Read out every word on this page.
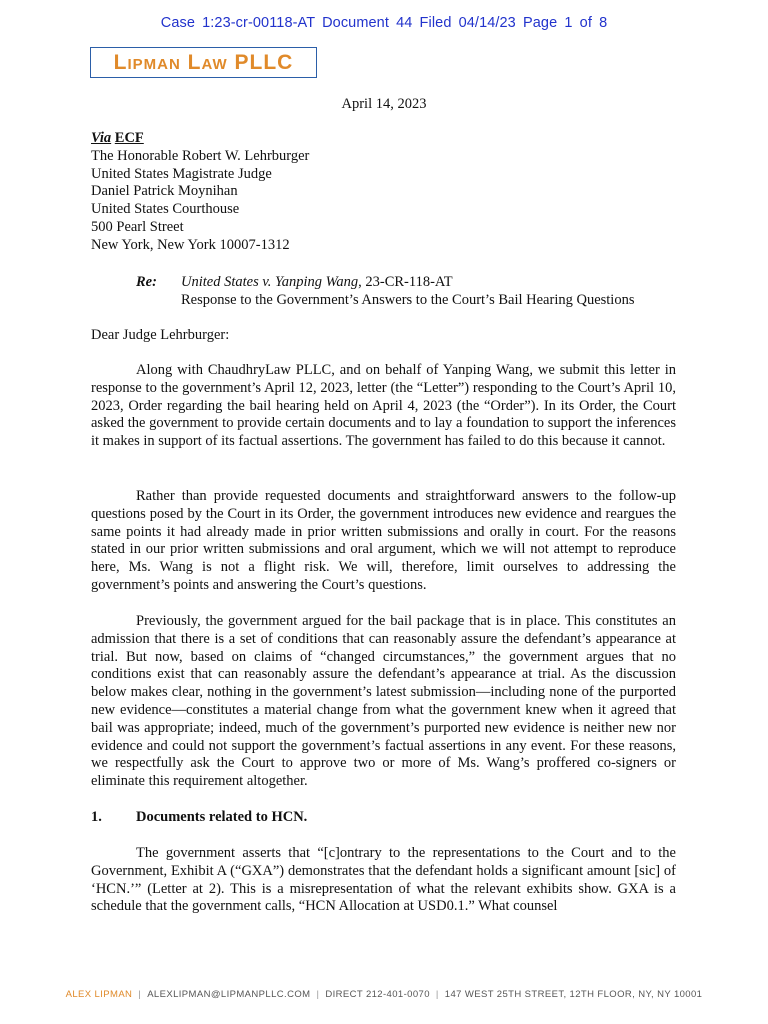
Case 1:23-cr-00118-AT Document 44 Filed 04/14/23 Page 1 of 8
Lipman Law PLLC
April 14, 2023
Via ECF
The Honorable Robert W. Lehrburger
United States Magistrate Judge
Daniel Patrick Moynihan
United States Courthouse
500 Pearl Street
New York, New York 10007-1312
Re:	United States v. Yanping Wang, 23-CR-118-AT
Response to the Government’s Answers to the Court’s Bail Hearing Questions
Dear Judge Lehrburger:

Along with ChaudhryLaw PLLC, and on behalf of Yanping Wang, we submit this letter in response to the government’s April 12, 2023, letter (the “Letter”) responding to the Court’s April 10, 2023, Order regarding the bail hearing held on April 4, 2023 (the “Order”). In its Order, the Court asked the government to provide certain documents and to lay a foundation to support the inferences it makes in support of its factual assertions. The government has failed to do this because it cannot.

Rather than provide requested documents and straightforward answers to the follow-up questions posed by the Court in its Order, the government introduces new evidence and reargues the same points it had already made in prior written submissions and orally in court. For the reasons stated in our prior written submissions and oral argument, which we will not attempt to reproduce here, Ms. Wang is not a flight risk. We will, therefore, limit ourselves to addressing the government’s points and answering the Court’s questions.

Previously, the government argued for the bail package that is in place. This constitutes an admission that there is a set of conditions that can reasonably assure the defendant’s appearance at trial. But now, based on claims of “changed circumstances,” the government argues that no conditions exist that can reasonably assure the defendant’s appearance at trial. As the discussion below makes clear, nothing in the government’s latest submission—including none of the purported new evidence—constitutes a material change from what the government knew when it agreed that bail was appropriate; indeed, much of the government’s purported new evidence is neither new nor evidence and could not support the government’s factual assertions in any event. For these reasons, we respectfully ask the Court to approve two or more of Ms. Wang’s proffered co-signers or eliminate this requirement altogether.

1.	Documents related to HCN.

The government asserts that “[c]ontrary to the representations to the Court and to the Government, Exhibit A (“GXA”) demonstrates that the defendant holds a significant amount [sic] of ‘HCN.’” (Letter at 2). This is a misrepresentation of what the relevant exhibits show. GXA is a schedule that the government calls, “HCN Allocation at USD0.1.” What counsel

ALEX LIPMAN | ALEXLIPMAN@LIPMANPLLC.COM | DIRECT 212-401-0070 | 147 WEST 25TH STREET, 12TH FLOOR, NY, NY 10001
